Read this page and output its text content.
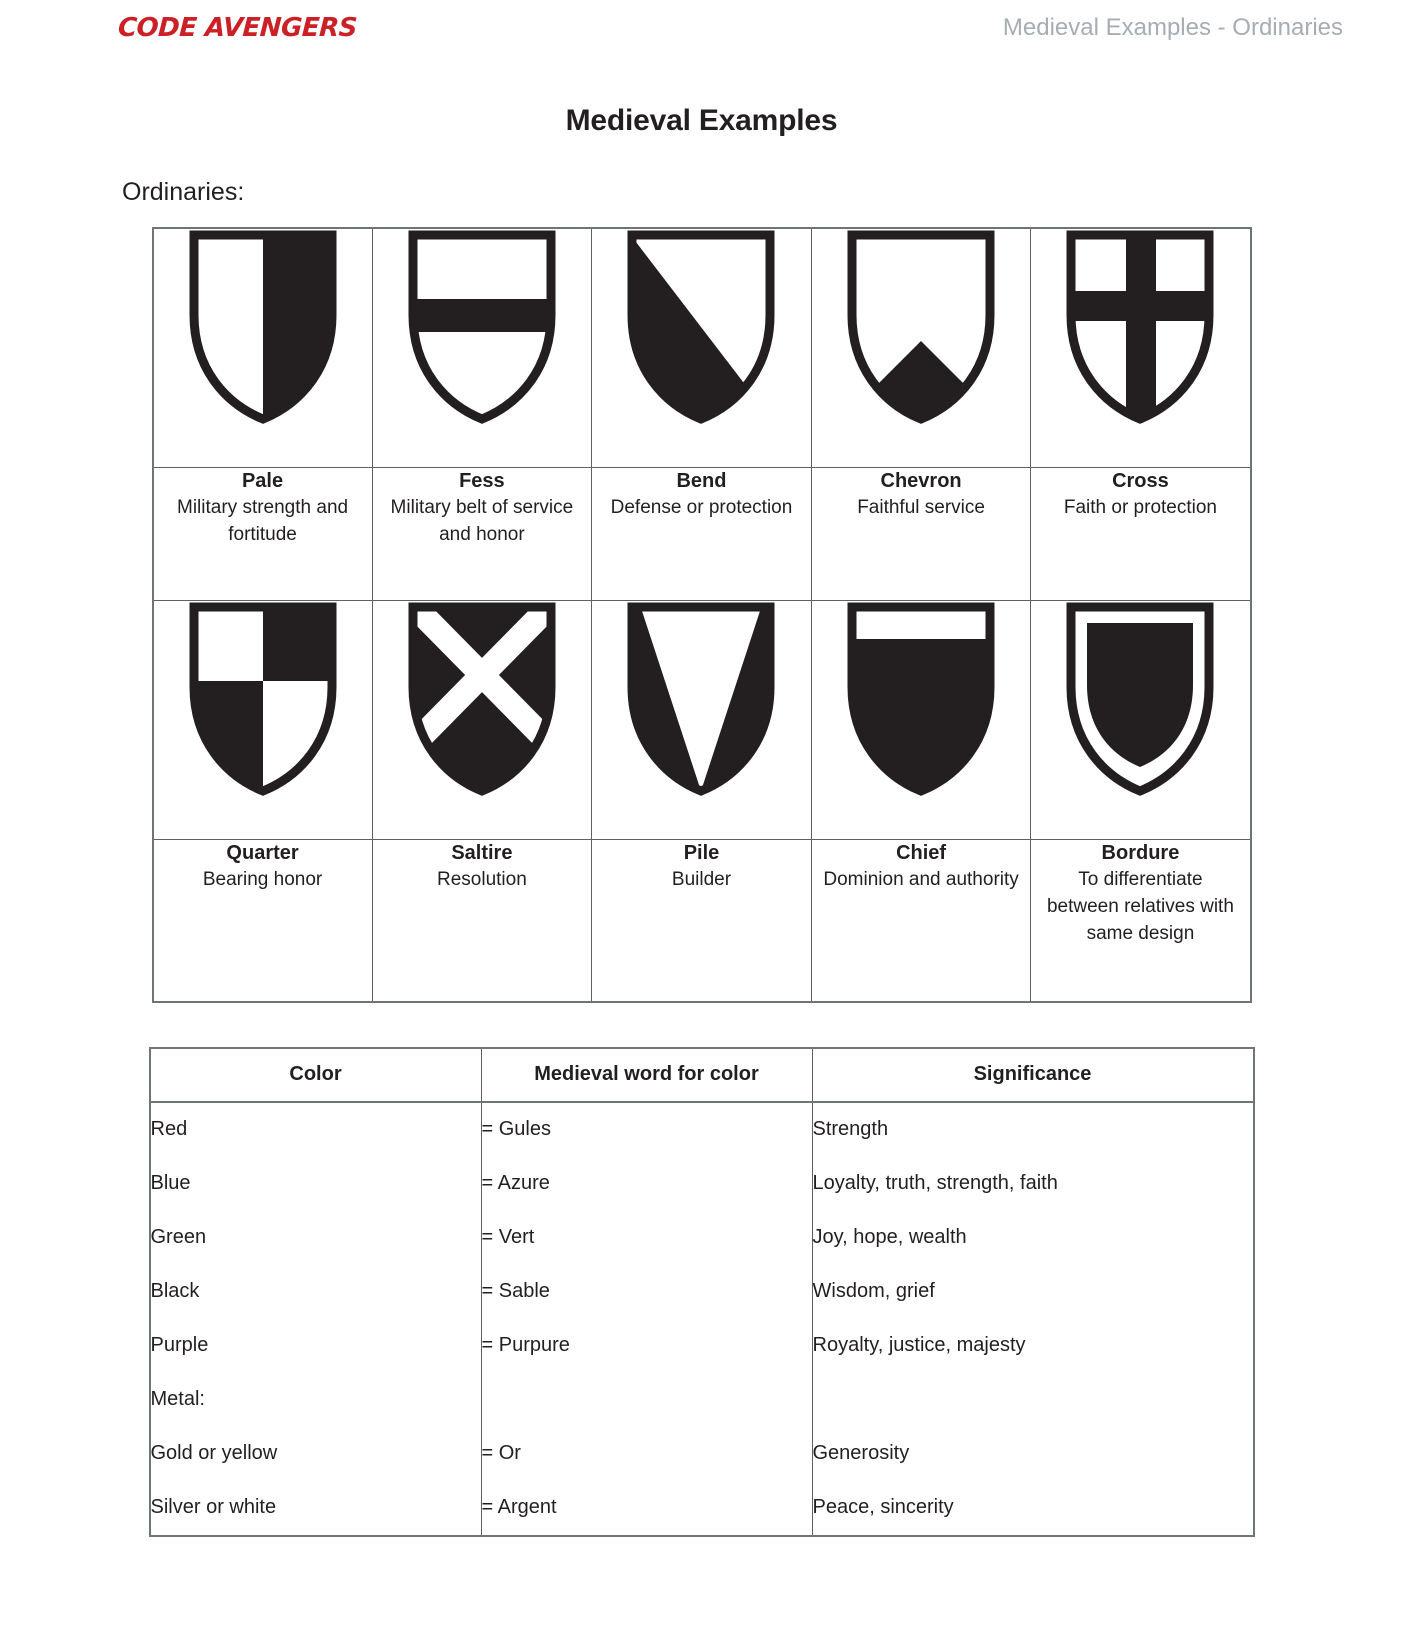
CODE AVENGERS	Medieval Examples - Ordinaries
Medieval Examples
Ordinaries:

Pale
Military strength and fortitude

Fess
Military belt of service and honor

Bend
Defense or protection

Chevron
Faithful service

Cross
Faith or protection

Quarter
Bearing honor

Saltire
Resolution

Pile
Builder

Chief
Dominion and authority

Bordure
To differentiate between relatives with same design
Color	Medieval word for color	Significance
Red	= Gules	Strength
Blue	= Azure	Loyalty, truth, strength, faith
Green	= Vert	Joy, hope, wealth
Black	= Sable	Wisdom, grief
Purple	= Purpure	Royalty, justice, majesty
Metal:		
Gold or yellow	= Or	Generosity
Silver or white	= Argent	Peace, sincerity
